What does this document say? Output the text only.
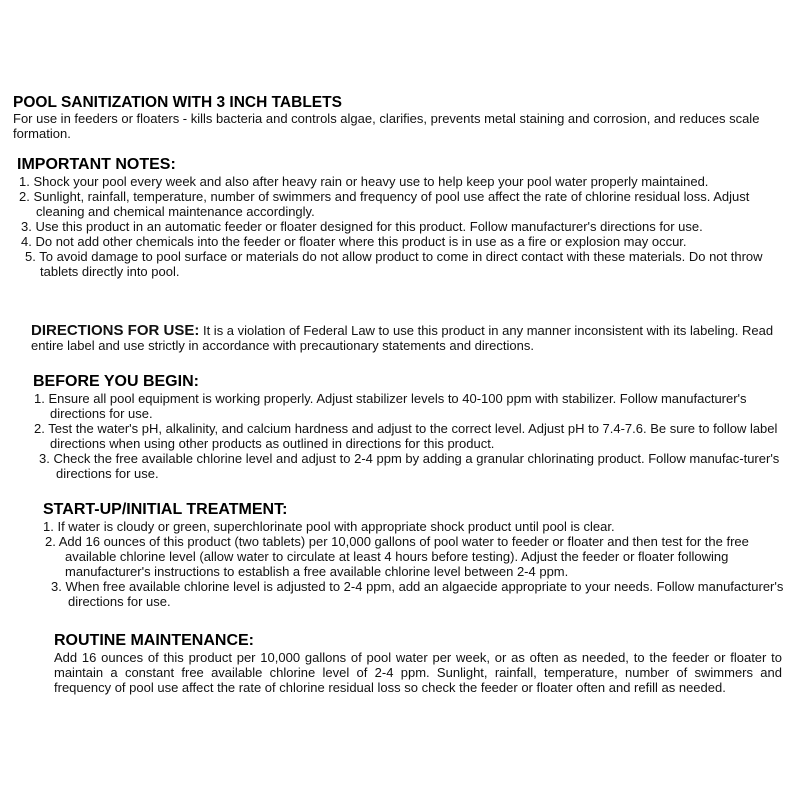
POOL SANITIZATION WITH 3 INCH TABLETS

For use in feeders or floaters - kills bacteria and controls algae, clarifies, prevents metal staining and corrosion, and reduces scale formation.

IMPORTANT NOTES:
1. Shock your pool every week and also after heavy rain or heavy use to help keep your pool water properly maintained.
2. Sunlight, rainfall, temperature, number of swimmers and frequency of pool use affect the rate of chlorine residual loss. Adjust cleaning and chemical maintenance accordingly.
3. Use this product in an automatic feeder or floater designed for this product. Follow manufacturer's directions for use.
4. Do not add other chemicals into the feeder or floater where this product is in use as a fire or explosion may occur.
5. To avoid damage to pool surface or materials do not allow product to come in direct contact with these materials. Do not throw tablets directly into pool.

DIRECTIONS FOR USE: It is a violation of Federal Law to use this product in any manner inconsistent with its labeling. Read entire label and use strictly in accordance with precautionary statements and directions.

BEFORE YOU BEGIN:
1. Ensure all pool equipment is working properly. Adjust stabilizer levels to 40-100 ppm with stabilizer. Follow manufacturer's directions for use.
2. Test the water's pH, alkalinity, and calcium hardness and adjust to the correct level. Adjust pH to 7.4-7.6. Be sure to follow label directions when using other products as outlined in directions for this product.
3. Check the free available chlorine level and adjust to 2-4 ppm by adding a granular chlorinating product. Follow manufac-turer's directions for use.
START-UP/INITIAL TREATMENT:
1. If water is cloudy or green, superchlorinate pool with appropriate shock product until pool is clear.
2. Add 16 ounces of this product (two tablets) per 10,000 gallons of pool water to feeder or floater and then test for the free available chlorine level (allow water to circulate at least 4 hours before testing). Adjust the feeder or floater following manufacturer's instructions to establish a free available chlorine level between 2-4 ppm.
3. When free available chlorine level is adjusted to 2-4 ppm, add an algaecide appropriate to your needs. Follow manufacturer's directions for use.
ROUTINE MAINTENANCE:

Add 16 ounces of this product per 10,000 gallons of pool water per week, or as often as needed, to the feeder or floater to maintain a constant free available chlorine level of 2-4 ppm. Sunlight, rainfall, temperature, number of swimmers and frequency of pool use affect the rate of chlorine residual loss so check the feeder or floater often and refill as needed.
